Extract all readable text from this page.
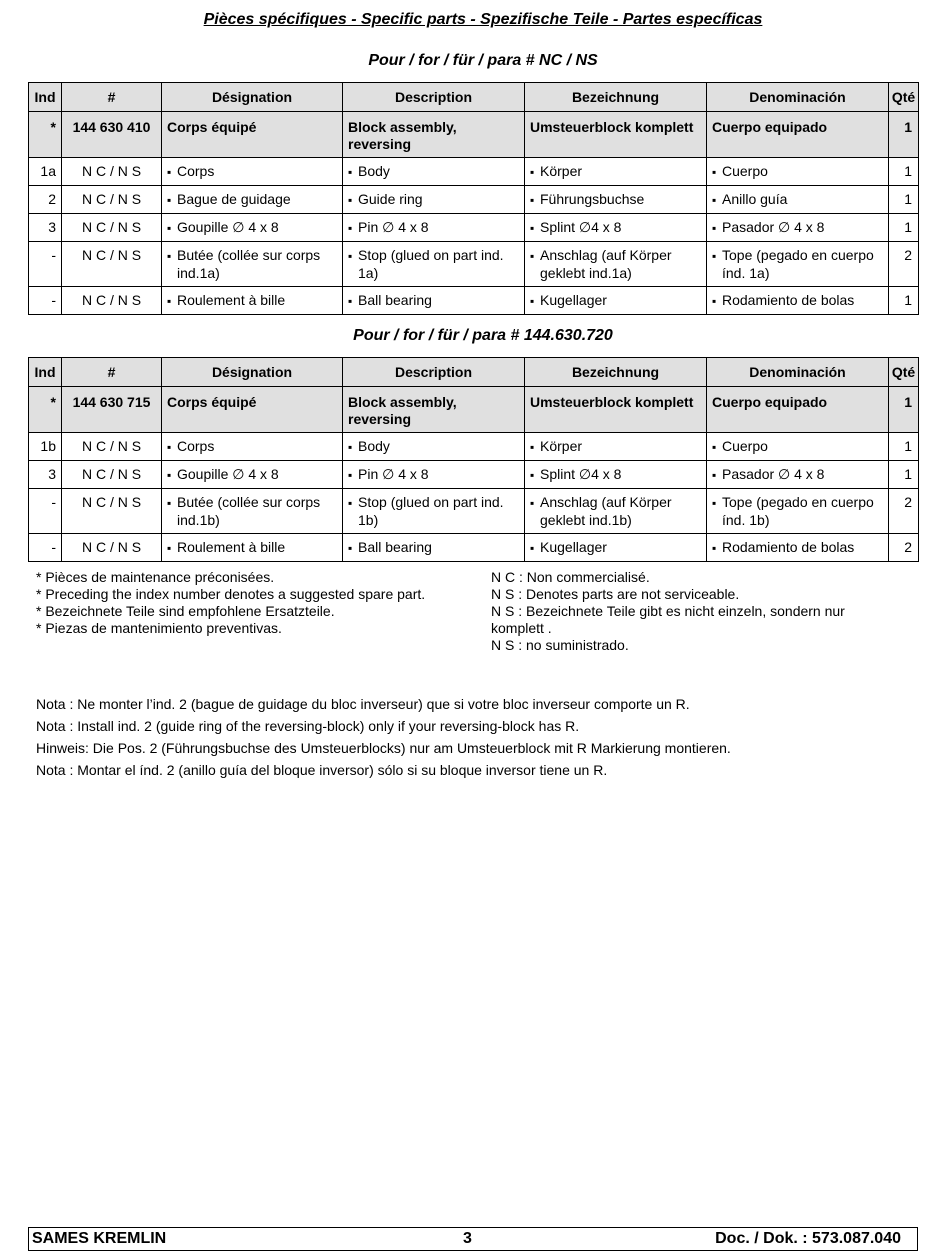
Pièces spécifiques - Specific parts - Spezifische Teile - Partes específicas
Pour / for / für / para # NC / NS
Ind	#	Désignation	Description	Bezeichnung	Denominación	Qté
*	144 630 410	Corps équipé	Block assembly, reversing	Umsteuerblock komplett	Cuerpo equipado	1
1a	N C / N S	▪ Corps	▪ Body	▪ Körper	▪ Cuerpo	1
2	N C / N S	▪ Bague de guidage	▪ Guide ring	▪ Führungsbuchse	▪ Anillo guía	1
3	N C / N S	▪ Goupille ∅ 4 x 8	▪ Pin ∅ 4 x 8	▪ Splint ∅4 x 8	▪ Pasador ∅ 4 x 8	1
-	N C / N S	▪ Butée (collée sur corps ind.1a)	▪ Stop (glued on part ind. 1a)	▪ Anschlag (auf Körper geklebt ind.1a)	▪ Tope (pegado en cuerpo índ. 1a)	2
-	N C / N S	▪ Roulement à bille	▪ Ball bearing	▪ Kugellager	▪ Rodamiento de bolas	1
Pour / for / für / para # 144.630.720
Ind	#	Désignation	Description	Bezeichnung	Denominación	Qté
*	144 630 715	Corps équipé	Block assembly, reversing	Umsteuerblock komplett	Cuerpo equipado	1
1b	N C / N S	▪ Corps	▪ Body	▪ Körper	▪ Cuerpo	1
3	N C / N S	▪ Goupille ∅ 4 x 8	▪ Pin ∅ 4 x 8	▪ Splint ∅4 x 8	▪ Pasador ∅ 4 x 8	1
-	N C / N S	▪ Butée (collée sur corps ind.1b)	▪ Stop (glued on part ind. 1b)	▪ Anschlag (auf Körper geklebt ind.1b)	▪ Tope (pegado en cuerpo índ. 1b)	2
-	N C / N S	▪ Roulement à bille	▪ Ball bearing	▪ Kugellager	▪ Rodamiento de bolas	2
* Pièces de maintenance préconisées.
* Preceding the index number denotes a suggested spare part.
* Bezeichnete Teile sind empfohlene Ersatzteile.
* Piezas de mantenimiento preventivas.
N C : Non commercialisé.
N S : Denotes parts are not serviceable.
N S : Bezeichnete Teile gibt es nicht einzeln, sondern nur komplett .
N S : no suministrado.
Nota : Ne monter l’ind. 2 (bague de guidage du bloc inverseur) que si votre bloc inverseur comporte un R.
Nota : Install ind. 2 (guide ring of the reversing-block) only if your reversing-block has R.
Hinweis: Die Pos. 2 (Führungsbuchse des Umsteuerblocks) nur am Umsteuerblock mit R Markierung montieren.
Nota : Montar el índ. 2 (anillo guía del bloque inversor) sólo si su bloque inversor tiene un R.
SAMES KREMLIN	3	Doc. / Dok. : 573.087.040
